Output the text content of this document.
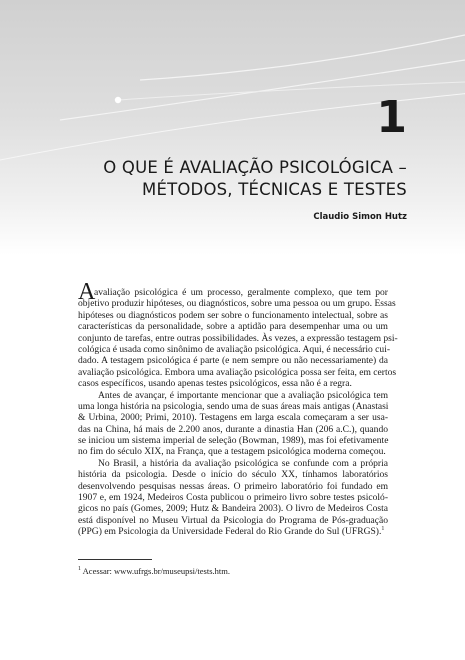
1
O QUE É AVALIAÇÃO PSICOLÓGICA –
MÉTODOS, TÉCNICAS E TESTES
Claudio Simon Hutz
A
avaliação psicológica é um processo, geralmente complexo, que tem por
objetivo produzir hipóteses, ou diagnósticos, sobre uma pessoa ou um grupo. Essas
hipóteses ou diagnósticos podem ser sobre o funcionamento intelectual, sobre as
características da personalidade, sobre a aptidão para desempenhar uma ou um
conjunto de tarefas, entre outras possibilidades. Às vezes, a expressão testagem psi-
cológica é usada como sinônimo de avaliação psicológica. Aqui, é necessário cui-
dado. A testagem psicológica é parte (e nem sempre ou não necessariamente) da
avaliação psicológica. Embora uma avaliação psicológica possa ser feita, em certos
casos específicos, usando apenas testes psicológicos, essa não é a regra.
Antes de avançar, é importante mencionar que a avaliação psicológica tem
uma longa história na psicologia, sendo uma de suas áreas mais antigas (Anastasi
& Urbina, 2000; Primi, 2010). Testagens em larga escala começaram a ser usa-
das na China, há mais de 2.200 anos, durante a dinastia Han (206 a.C.), quando
se iniciou um sistema imperial de seleção (Bowman, 1989), mas foi efetivamente
no fim do século XIX, na França, que a testagem psicológica moderna começou.
No Brasil, a história da avaliação psicológica se confunde com a própria
história da psicologia. Desde o início do século XX, tínhamos laboratórios
desenvolvendo pesquisas nessas áreas. O primeiro laboratório foi fundado em
1907 e, em 1924, Medeiros Costa publicou o primeiro livro sobre testes psicoló-
gicos no país (Gomes, 2009; Hutz & Bandeira 2003). O livro de Medeiros Costa
está disponível no Museu Virtual da Psicologia do Programa de Pós-graduação
(PPG) em Psicologia da Universidade Federal do Rio Grande do Sul (UFRGS).$^1$
$^1$ Acessar: www.ufrgs.br/museupsi/tests.htm.
